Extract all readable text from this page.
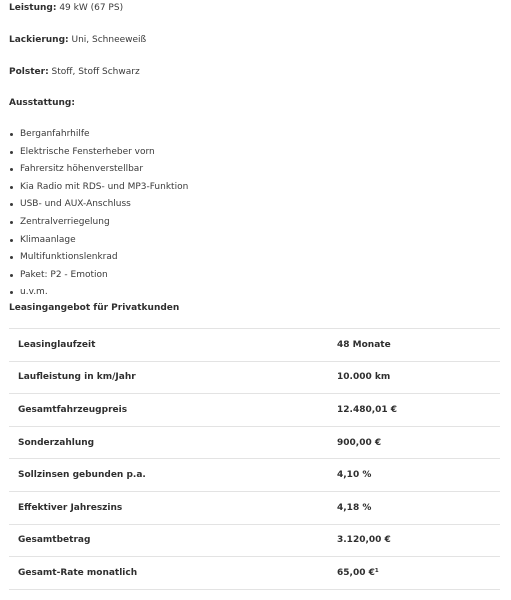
Leistung: 49 kW (67 PS)
Lackierung: Uni, Schneeweiß
Polster: Stoff, Stoff Schwarz
Ausstattung:
Berganfahrhilfe
Elektrische Fensterheber vorn
Fahrersitz höhenverstellbar
Kia Radio mit RDS- und MP3-Funktion
USB- und AUX-Anschluss
Zentralverriegelung
Klimaanlage
Multifunktionslenkrad
Paket: P2 - Emotion
u.v.m.
Leasingangebot für Privatkunden
Leasinglaufzeit	48 Monate
Laufleistung in km/Jahr	10.000 km
Gesamtfahrzeugpreis	12.480,01 €
Sonderzahlung	900,00 €
Sollzinsen gebunden p.a.	4,10 %
Effektiver Jahreszins	4,18 %
Gesamtbetrag	3.120,00 €
Gesamt-Rate monatlich	65,00 €¹
